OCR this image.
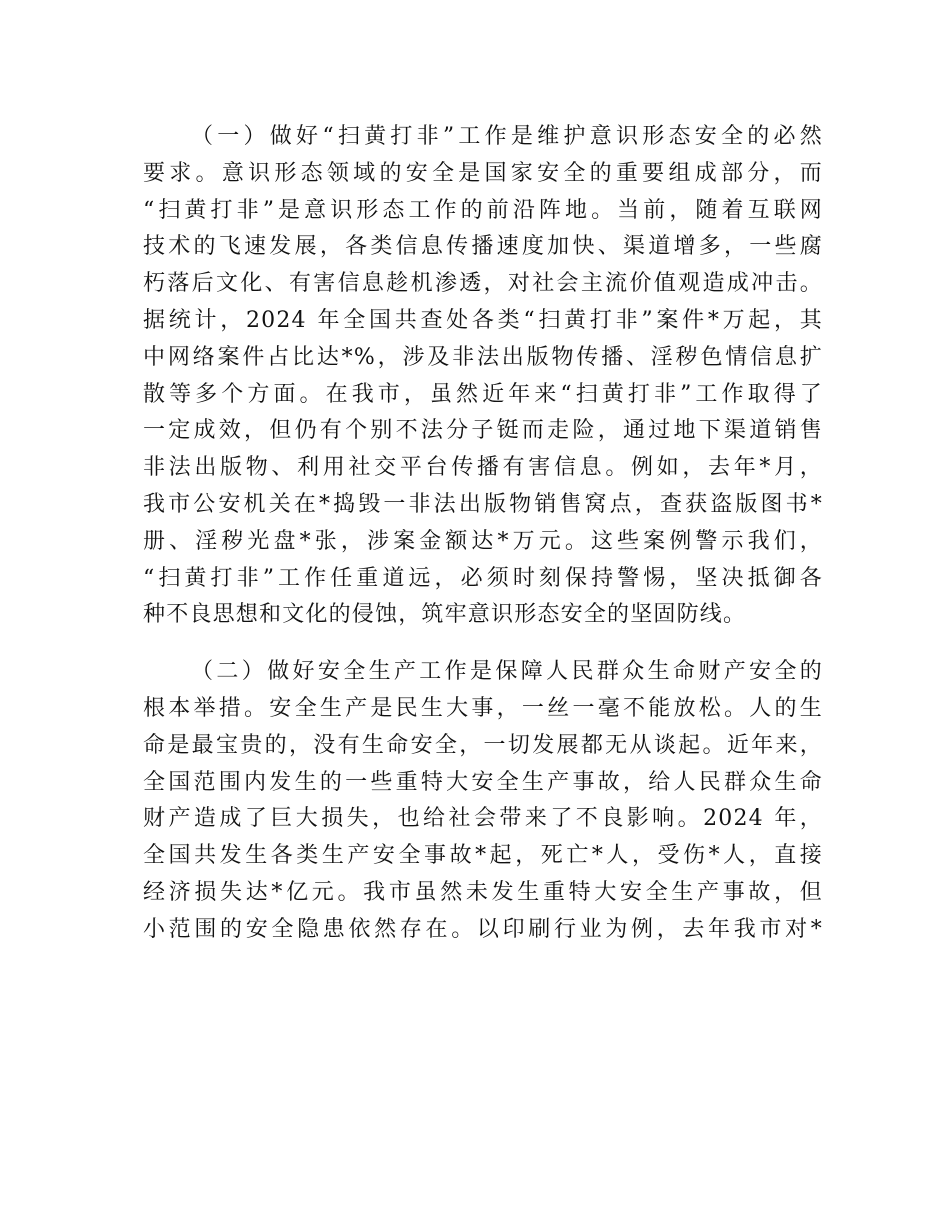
（一）做好“扫黄打非”工作是维护意识形态安全的必然
要求。意识形态领域的安全是国家安全的重要组成部分，而
“扫黄打非”是意识形态工作的前沿阵地。当前，随着互联网
技术的飞速发展，各类信息传播速度加快、渠道增多，一些腐
朽落后文化、有害信息趁机渗透，对社会主流价值观造成冲击。
据统计，2024 年全国共查处各类“扫黄打非”案件*万起，其
中网络案件占比达*%，涉及非法出版物传播、淫秽色情信息扩
散等多个方面。在我市，虽然近年来“扫黄打非”工作取得了
一定成效，但仍有个别不法分子铤而走险，通过地下渠道销售
非法出版物、利用社交平台传播有害信息。例如，去年*月，
我市公安机关在*捣毁一非法出版物销售窝点，查获盗版图书*
册、淫秽光盘*张，涉案金额达*万元。这些案例警示我们，
“扫黄打非”工作任重道远，必须时刻保持警惕，坚决抵御各
种不良思想和文化的侵蚀，筑牢意识形态安全的坚固防线。
（二）做好安全生产工作是保障人民群众生命财产安全的
根本举措。安全生产是民生大事，一丝一毫不能放松。人的生
命是最宝贵的，没有生命安全，一切发展都无从谈起。近年来，
全国范围内发生的一些重特大安全生产事故，给人民群众生命
财产造成了巨大损失，也给社会带来了不良影响。2024 年，
全国共发生各类生产安全事故*起，死亡*人，受伤*人，直接
经济损失达*亿元。我市虽然未发生重特大安全生产事故，但
小范围的安全隐患依然存在。以印刷行业为例，去年我市对*
